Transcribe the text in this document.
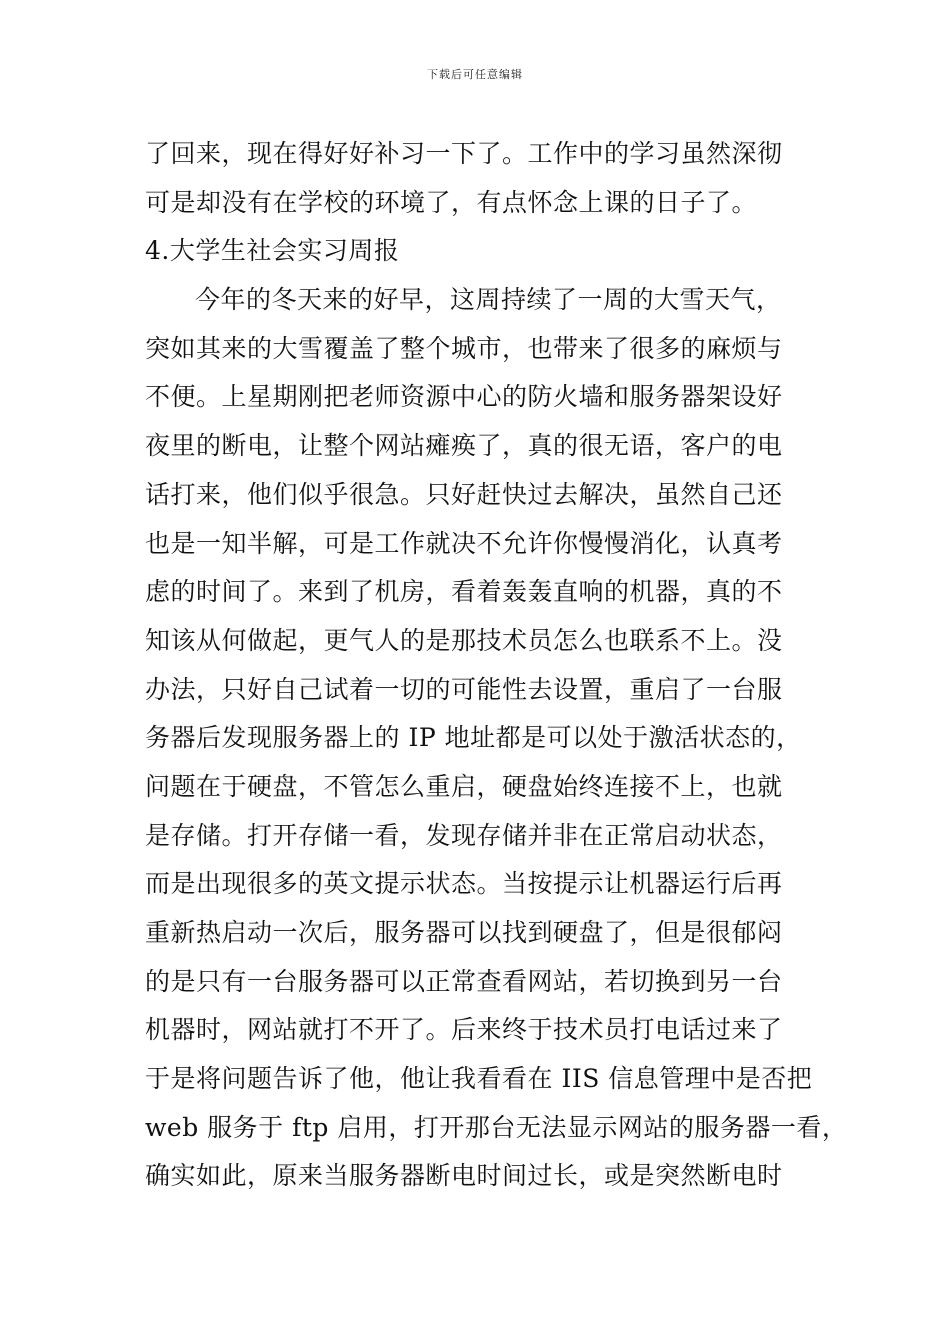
下载后可任意编辑
了回来，现在得好好补习一下了。工作中的学习虽然深彻
可是却没有在学校的环境了，有点怀念上课的日子了。
4.大学生社会实习周报
今年的冬天来的好早，这周持续了一周的大雪天气，
突如其来的大雪覆盖了整个城市，也带来了很多的麻烦与
不便。上星期刚把老师资源中心的防火墙和服务器架设好
夜里的断电，让整个网站瘫痪了，真的很无语，客户的电
话打来，他们似乎很急。只好赶快过去解决，虽然自己还
也是一知半解，可是工作就决不允许你慢慢消化，认真考
虑的时间了。来到了机房，看着轰轰直响的机器，真的不
知该从何做起，更气人的是那技术员怎么也联系不上。没
办法，只好自己试着一切的可能性去设置，重启了一台服
务器后发现服务器上的 IP 地址都是可以处于激活状态的，
问题在于硬盘，不管怎么重启，硬盘始终连接不上，也就
是存储。打开存储一看，发现存储并非在正常启动状态，
而是出现很多的英文提示状态。当按提示让机器运行后再
重新热启动一次后，服务器可以找到硬盘了，但是很郁闷
的是只有一台服务器可以正常查看网站，若切换到另一台
机器时，网站就打不开了。后来终于技术员打电话过来了
于是将问题告诉了他，他让我看看在 IIS 信息管理中是否把
web 服务于 ftp 启用，打开那台无法显示网站的服务器一看，
确实如此，原来当服务器断电时间过长，或是突然断电时
